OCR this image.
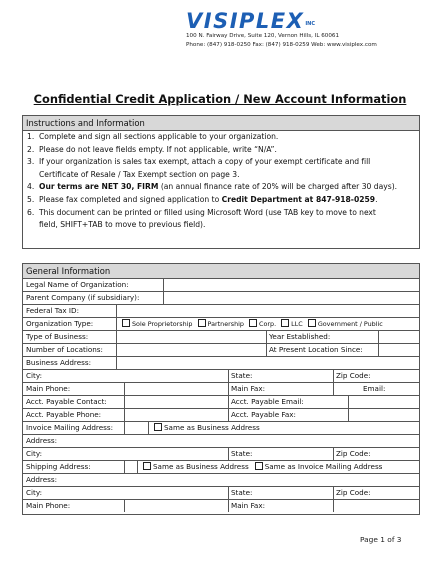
$VISIPLEX_{INC}$
100 N. Fairway Drive, Suite 120, Vernon Hills, IL 60061
Phone: (847) 918-0250 Fax: (847) 918-0259 Web: www.visiplex.com
Confidential Credit Application / New Account Information
Instructions and Information
1. Complete and sign all sections applicable to your organization.
2. Please do not leave fields empty. If not applicable, write “N/A”.
3. If your organization is sales tax exempt, attach a copy of your exempt certificate and fill
Certificate of Resale / Tax Exempt section on page 3.
4. Our terms are NET 30, FIRM (an annual finance rate of 20% will be charged after 30 days).
5. Please fax completed and signed application to Credit Department at 847-918-0259.
6. This document can be printed or filled using Microsoft Word (use TAB key to move to next
field, SHIFT+TAB to move to previous field).
General Information
Legal Name of Organization:
Parent Company (if subsidiary):
Federal Tax ID:
Organization Type:	Sole Proprietorship Partnership Corp. LLC Government / Public
Type of Business:	Year Established:
Number of Locations:	At Present Location Since:
Business Address:
City:	State:	Zip Code:
Main Phone:	Main Fax:	Email:
Acct. Payable Contact:	Acct. Payable Email:
Acct. Payable Phone:	Acct. Payable Fax:
Invoice Mailing Address:	Same as Business Address
Address:
City:	State:	Zip Code:
Shipping Address:	Same as Business Address Same as Invoice Mailing Address
Address:
City:	State:	Zip Code:
Main Phone:	Main Fax:
Page 1 of 3
